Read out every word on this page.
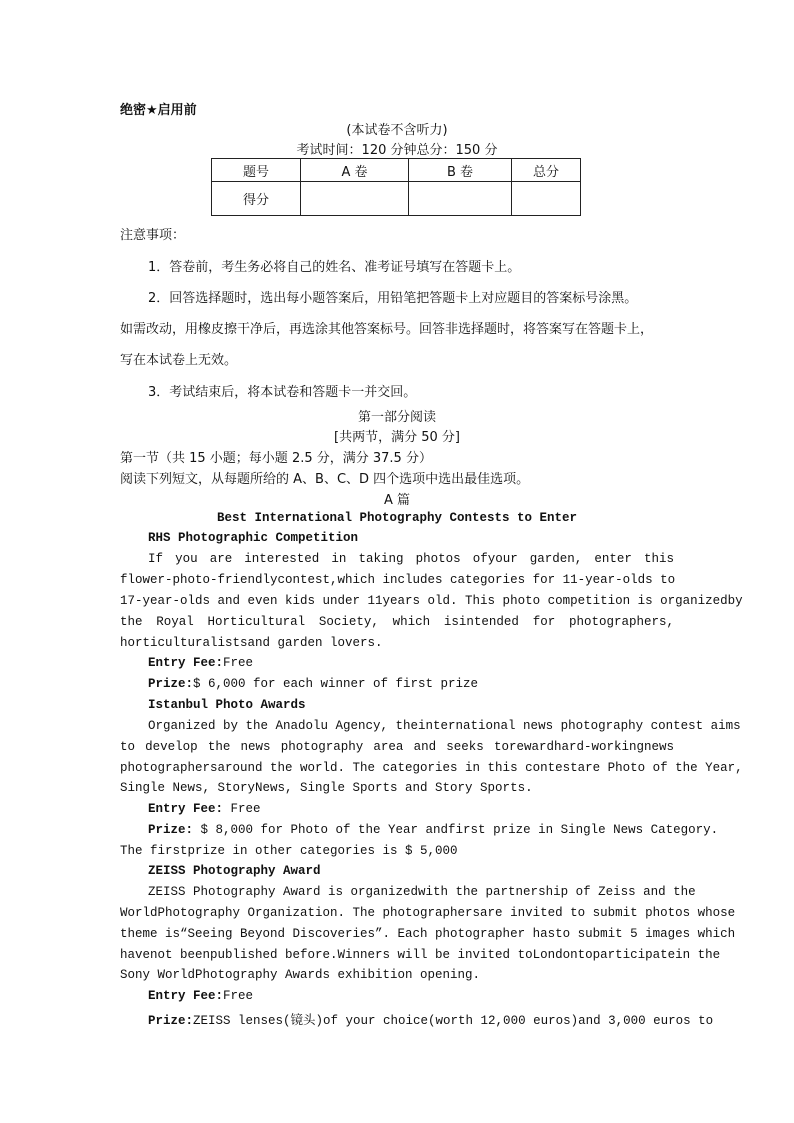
绝密★启用前
(本试卷不含听力)
考试时间：120 分钟总分：150 分
题号	A 卷	B 卷	总分
得分			
注意事项：
1．答卷前，考生务必将自己的姓名、准考证号填写在答题卡上。
2．回答选择题时，选出每小题答案后，用铅笔把答题卡上对应题目的答案标号涂黑。
如需改动，用橡皮擦干净后，再选涂其他答案标号。回答非选择题时，将答案写在答题卡上，
写在本试卷上无效。
3．考试结束后，将本试卷和答题卡一并交回。
第一部分阅读
[共两节，满分 50 分]
第一节（共 15 小题；每小题 2.5 分，满分 37.5 分）
阅读下列短文，从每题所给的 A、B、C、D 四个选项中选出最佳选项。
A 篇
Best International Photography Contests to Enter
RHS Photographic Competition
If you are interested in taking photos ofyour garden, enter this
flower-photo-friendlycontest,which includes categories for 11-year-olds to
17-year-olds and even kids under 11years old. This photo competition is organizedby
the Royal Horticultural Society, which isintended for photographers,
horticulturalistsand garden lovers.
Entry Fee:Free
Prize:$ 6,000 for each winner of first prize
Istanbul Photo Awards
Organized by the Anadolu Agency, theinternational news photography contest aims
to develop the news photography area and seeks torewardhard-workingnews
photographersaround the world. The categories in this contestare Photo of the Year,
Single News, StoryNews, Single Sports and Story Sports.
Entry Fee: Free
Prize: $ 8,000 for Photo of the Year andfirst prize in Single News Category.
The firstprize in other categories is $ 5,000
ZEISS Photography Award
ZEISS Photography Award is organizedwith the partnership of Zeiss and the
WorldPhotography Organization. The photographersare invited to submit photos whose
theme is“Seeing Beyond Discoveries”. Each photographer hasto submit 5 images which
havenot beenpublished before.Winners will be invited toLondontoparticipatein the
Sony WorldPhotography Awards exhibition opening.
Entry Fee:Free
Prize:ZEISS lenses(镜头)of your choice(worth 12,000 euros)and 3,000 euros to
